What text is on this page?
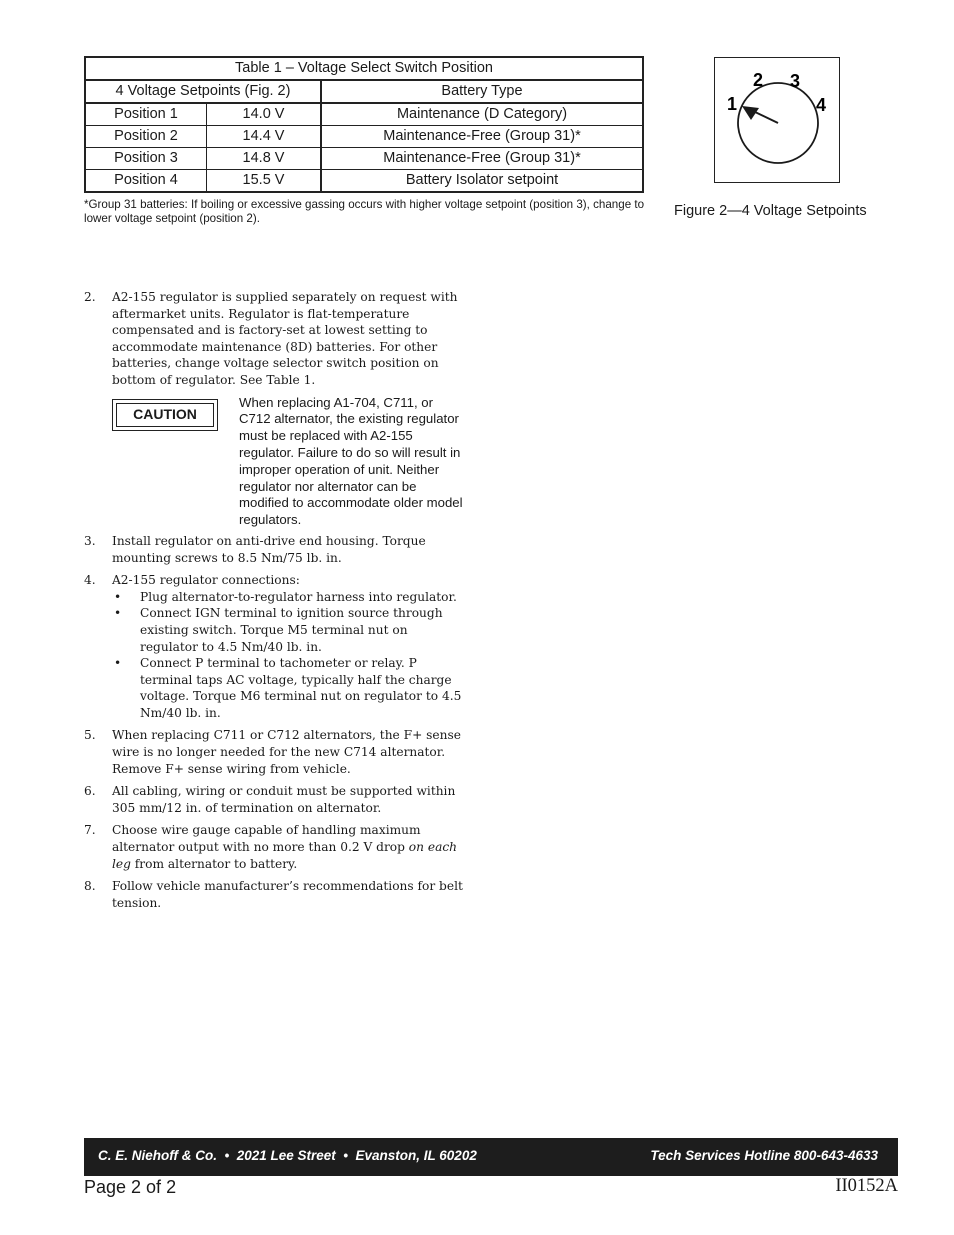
Table 1 – Voltage Select Switch Position		
4 Voltage Setpoints (Fig. 2)		Battery Type
Position 1	14.0 V	Maintenance (D Category)
Position 2	14.4 V	Maintenance-Free (Group 31)*
Position 3	14.8 V	Maintenance-Free (Group 31)*
Position 4	15.5 V	Battery Isolator setpoint
*Group 31 batteries: If boiling or excessive gassing occurs with higher voltage setpoint (position 3), change to lower voltage setpoint (position 2).
1
2 3
4
Figure 2—4 Voltage Setpoints
2. A2-155 regulator is supplied separately on request with aftermarket units. Regulator is flat-temperature compensated and is factory-set at lowest setting to accommodate maintenance (8D) batteries. For other batteries, change voltage selector switch position on bottom of regulator. See Table 1.
CAUTION
When replacing A1-704, C711, or C712 alternator, the existing regulator must be replaced with A2-155 regulator. Failure to do so will result in improper operation of unit. Neither regulator nor alternator can be modified to accommodate older model regulators.
3. Install regulator on anti-drive end housing. Torque mounting screws to 8.5 Nm/75 lb. in.
4. A2-155 regulator connections:
• Plug alternator-to-regulator harness into regulator.
• Connect IGN terminal to ignition source through existing switch. Torque M5 terminal nut on regulator to 4.5 Nm/40 lb. in.
• Connect P terminal to tachometer or relay. P terminal taps AC voltage, typically half the charge voltage. Torque M6 terminal nut on regulator to 4.5 Nm/40 lb. in.
5. When replacing C711 or C712 alternators, the F+ sense wire is no longer needed for the new C714 alternator. Remove F+ sense wiring from vehicle.
6. All cabling, wiring or conduit must be supported within 305 mm/12 in. of termination on alternator.
7. Choose wire gauge capable of handling maximum alternator output with no more than 0.2 V drop on each leg from alternator to battery.
8. Follow vehicle manufacturer’s recommendations for belt tension.
C. E. Niehoff & Co.  •  2021 Lee Street  •  Evanston, IL 60202	Tech Services Hotline 800-643-4633
Page 2 of 2	II0152A
